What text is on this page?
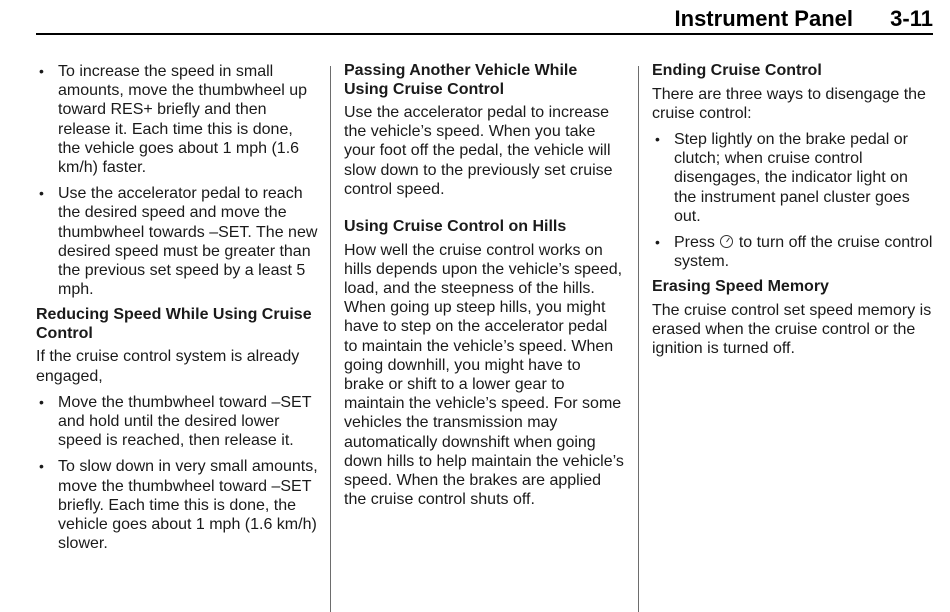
Instrument Panel 3-11
• To increase the speed in small amounts, move the thumbwheel up toward RES+ briefly and then release it. Each time this is done, the vehicle goes about 1 mph (1.6 km/h) faster.
• Use the accelerator pedal to reach the desired speed and move the thumbwheel towards –SET. The new desired speed must be greater than the previous set speed by a least 5 mph.
Reducing Speed While Using Cruise Control

If the cruise control system is already engaged,

• Move the thumbwheel toward –SET and hold until the desired lower speed is reached, then release it.
• To slow down in very small amounts, move the thumbwheel toward –SET briefly. Each time this is done, the vehicle goes about 1 mph (1.6 km/h) slower.
Passing Another Vehicle While Using Cruise Control

Use the accelerator pedal to increase the vehicle’s speed. When you take your foot off the pedal, the vehicle will slow down to the previously set cruise control speed.

Using Cruise Control on Hills

How well the cruise control works on hills depends upon the vehicle’s speed, load, and the steepness of the hills. When going up steep hills, you might have to step on the accelerator pedal to maintain the vehicle’s speed. When going downhill, you might have to brake or shift to a lower gear to maintain the vehicle’s speed. For some vehicles the transmission may automatically downshift when going down hills to help maintain the vehicle’s speed. When the brakes are applied the cruise control shuts off.

Ending Cruise Control

There are three ways to disengage the cruise control:

• Step lightly on the brake pedal or clutch; when cruise control disengages, the indicator light on the instrument panel cluster goes out.
• Press to turn off the cruise control system.
Erasing Speed Memory

The cruise control set speed memory is erased when the cruise control or the ignition is turned off.
